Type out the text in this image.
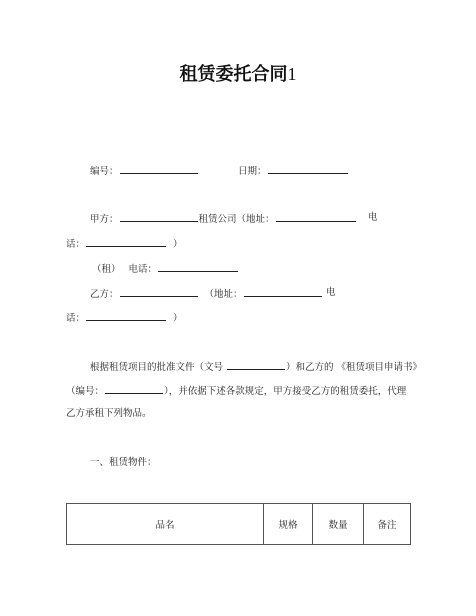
租赁委托合同1
编号：	日期：
甲方：	租赁公司（地址：	电
话：	）
（租） 电话：
乙方：	（地址：	电
话：	）
根据租赁项目的批准文件（文号	）和乙方的 《租赁项目申请书》
（编号：	），并依据下述各款规定，甲方接受乙方的租赁委托，代理
乙方承租下列物品。
一、租赁物件：
品名	规格	数量	备注
